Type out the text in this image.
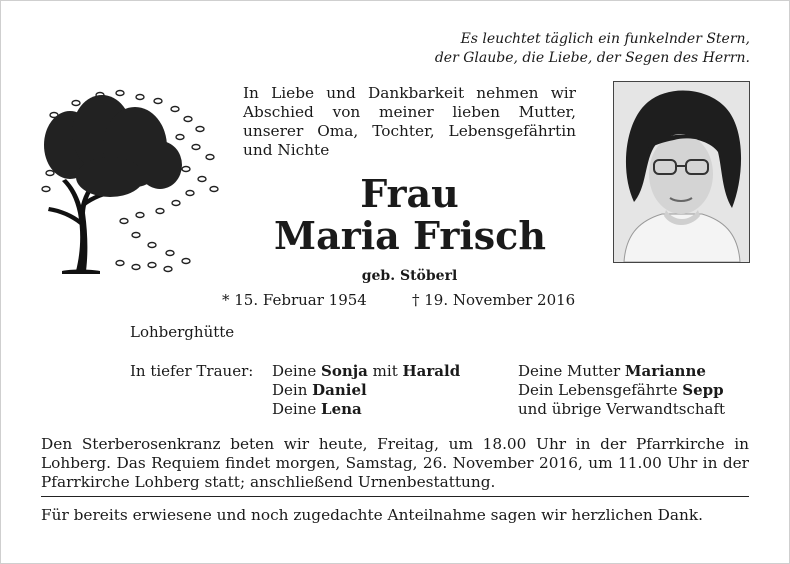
Es leuchtet täglich ein funkelnder Stern,
der Glaube, die Liebe, der Segen des Herrn.

In Liebe und Dankbarkeit nehmen wir Abschied von meiner lieben Mutter, unserer Oma, Tochter, Lebensgefährtin und Nichte

Frau
Maria Frisch
geb. Stöberl
* 15. Februar 1954	† 19. November 2016
Lohberghütte
In tiefer Trauer: Deine Sonja mit Harald
Dein Daniel
Deine Lena
Deine Mutter Marianne
Dein Lebensgefährte Sepp
und übrige Verwandtschaft

Den Sterberosenkranz beten wir heute, Freitag, um 18.00 Uhr in der Pfarrkirche in Lohberg. Das Requiem findet morgen, Samstag, 26. November 2016, um 11.00 Uhr in der Pfarrkirche Lohberg statt; anschließend Urnenbestattung.

Für bereits erwiesene und noch zugedachte Anteilnahme sagen wir herzlichen Dank.
